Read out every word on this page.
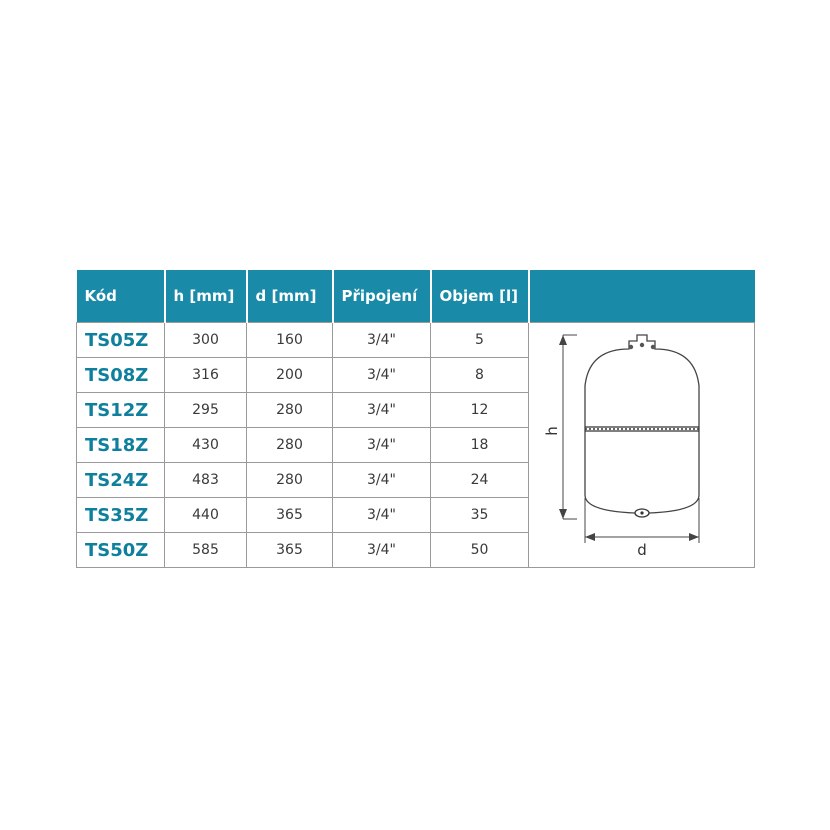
Kód	h [mm]	d [mm]	Připojení	Objem [l]	

TS05Z	300	160	3/4"	5	h
d

TS08Z	316	200	3/4"	8	
TS12Z	295	280	3/4"	12	
TS18Z	430	280	3/4"	18	
TS24Z	483	280	3/4"	24	
TS35Z	440	365	3/4"	35	
TS50Z	585	365	3/4"	50	
